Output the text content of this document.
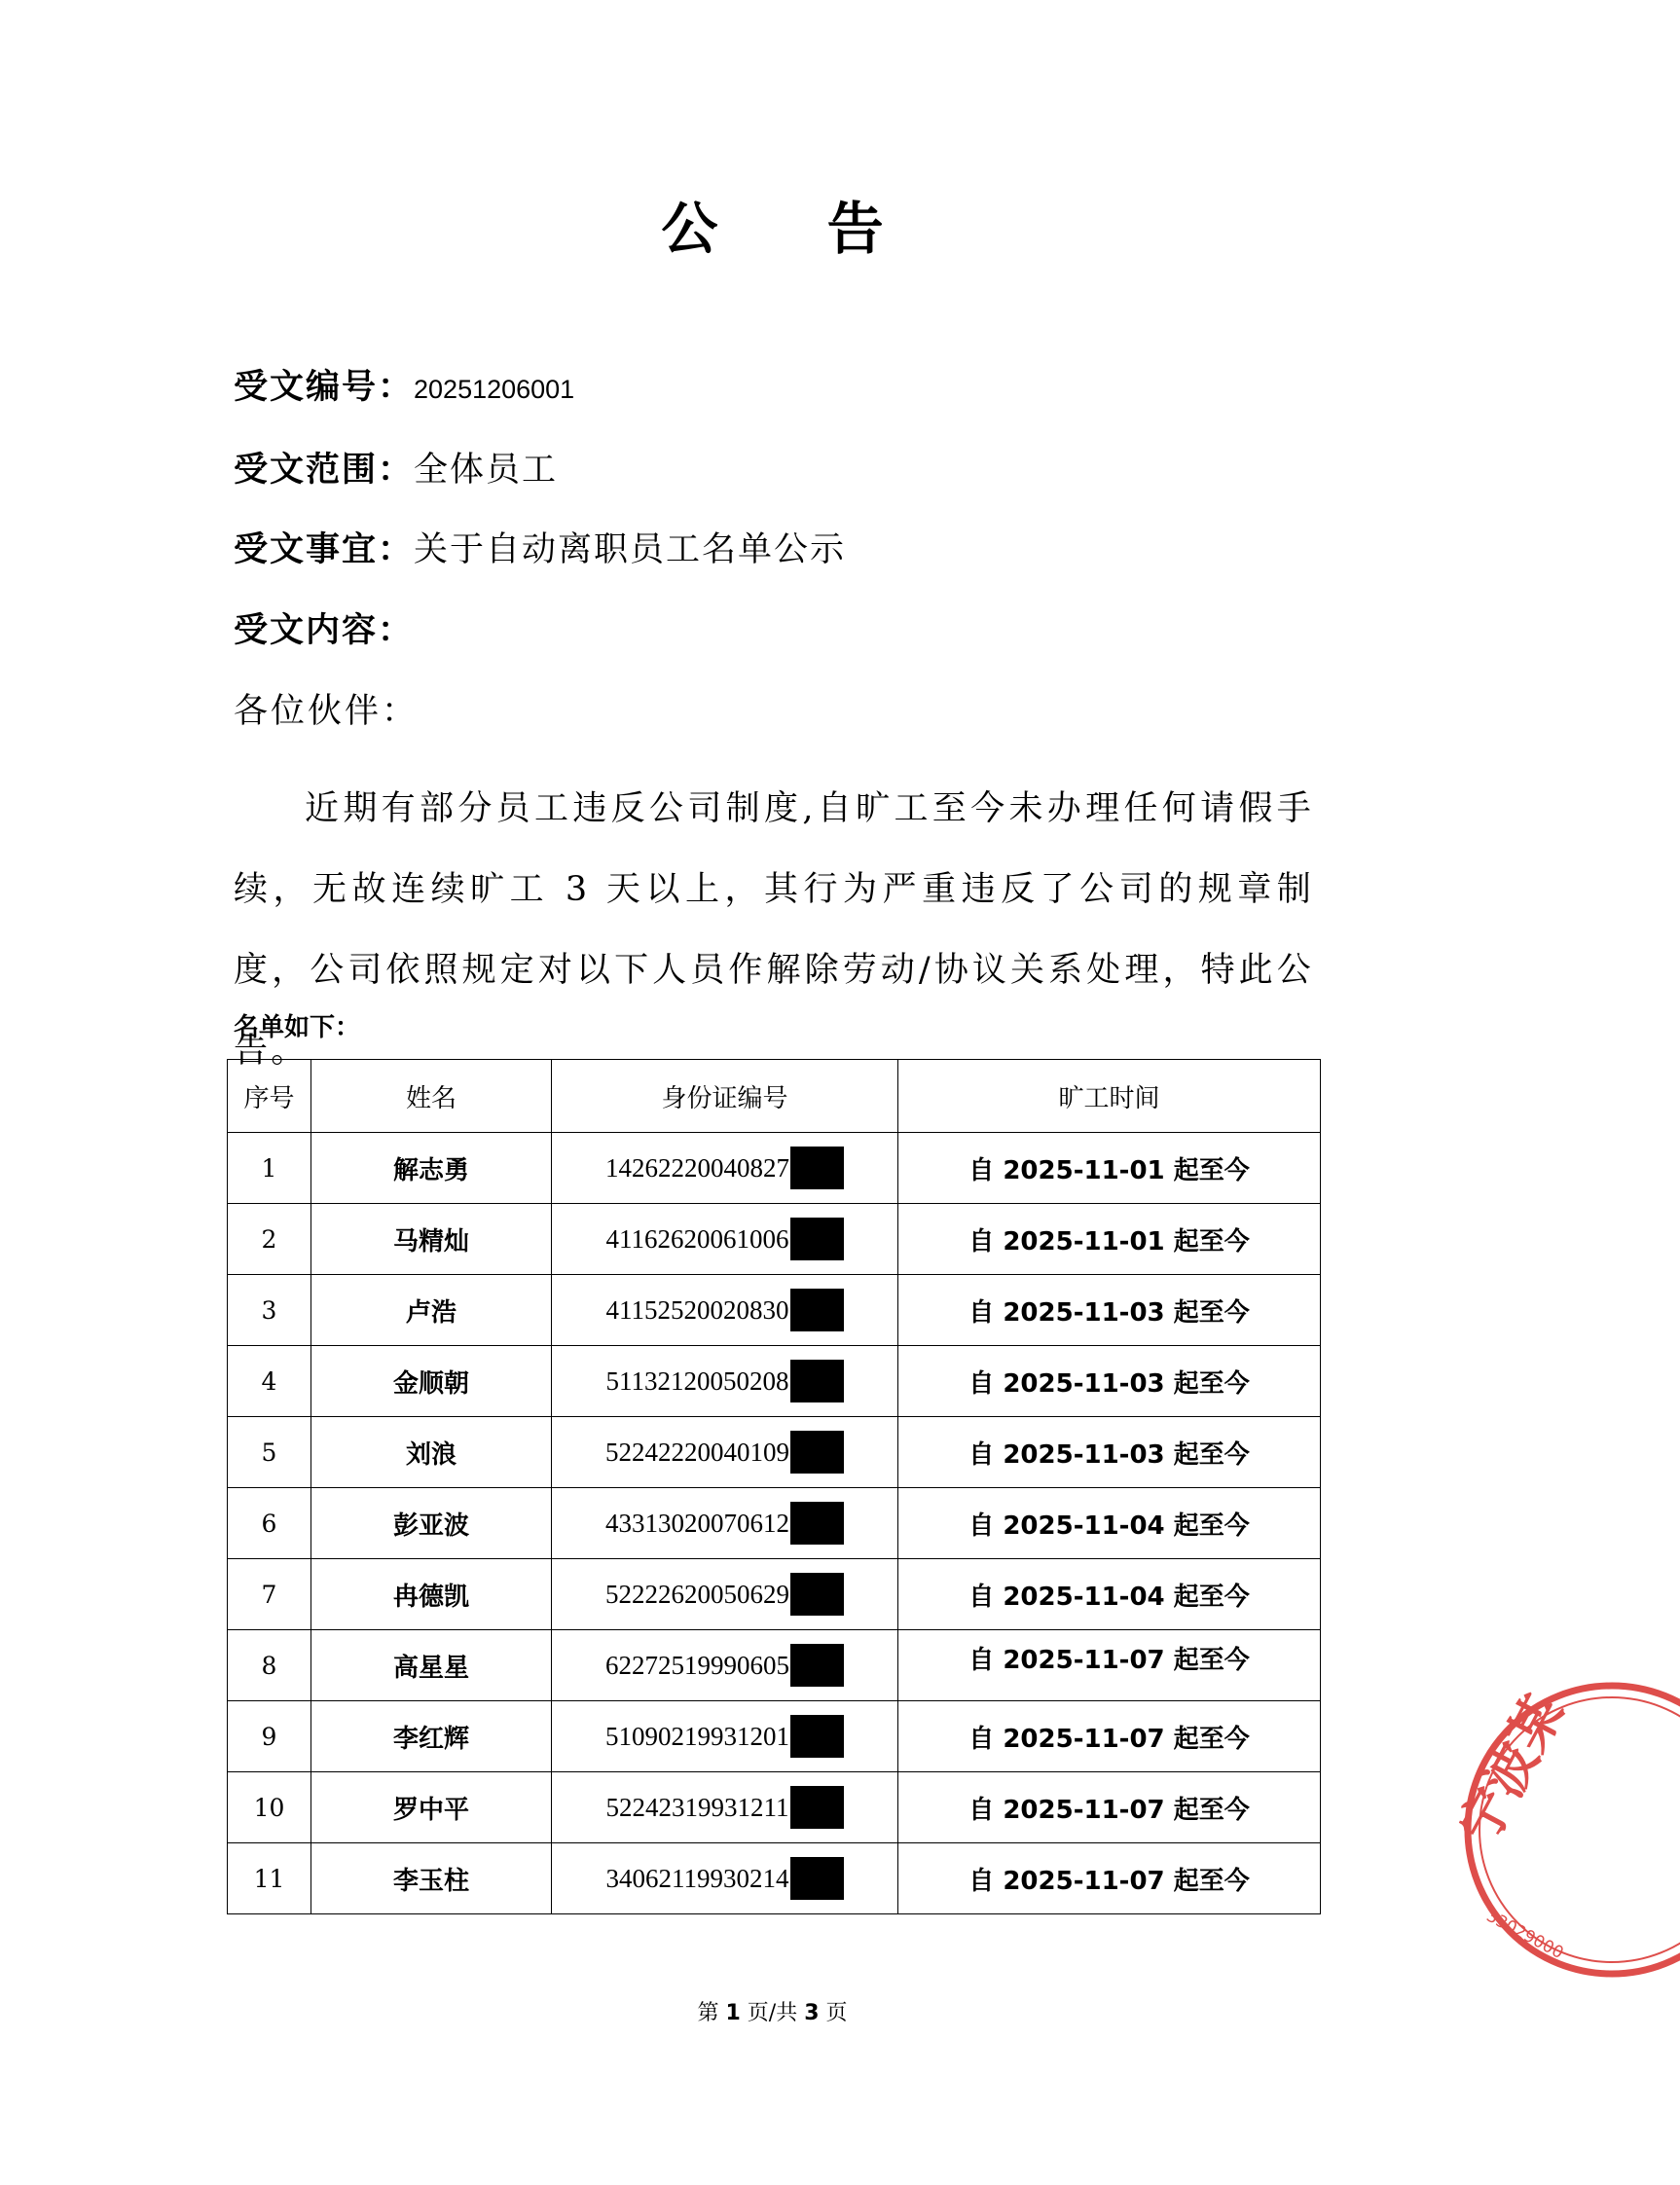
公 告
受文编号：20251206001
受文范围：全体员工
受文事宜：关于自动离职员工名单公示
受文内容：
各位伙伴：

近期有部分员工违反公司制度,自旷工至今未办理任何请假手续，无故连续旷工 3 天以上，其行为严重违反了公司的规章制度，公司依照规定对以下人员作解除劳动/协议关系处理，特此公告。

名单如下：
序号	姓名	身份证编号	旷工时间
1	解志勇	14262220040827	自 2025-11-01 起至今
2	马精灿	41162620061006	自 2025-11-01 起至今
3	卢浩	41152520020830	自 2025-11-03 起至今
4	金顺朝	51132120050208	自 2025-11-03 起至今
5	刘浪	52242220040109	自 2025-11-03 起至今
6	彭亚波	43313020070612	自 2025-11-04 起至今
7	冉德凯	52222620050629	自 2025-11-04 起至今
8	高星星	62272519990605	自 2025-11-07 起至今
9	李红辉	51090219931201	自 2025-11-07 起至今
10	罗中平	52242319931211	自 2025-11-07 起至今
11	李玉柱	34062119930214	自 2025-11-07 起至今
第 1 页/共 3 页
宁波某
33029000
